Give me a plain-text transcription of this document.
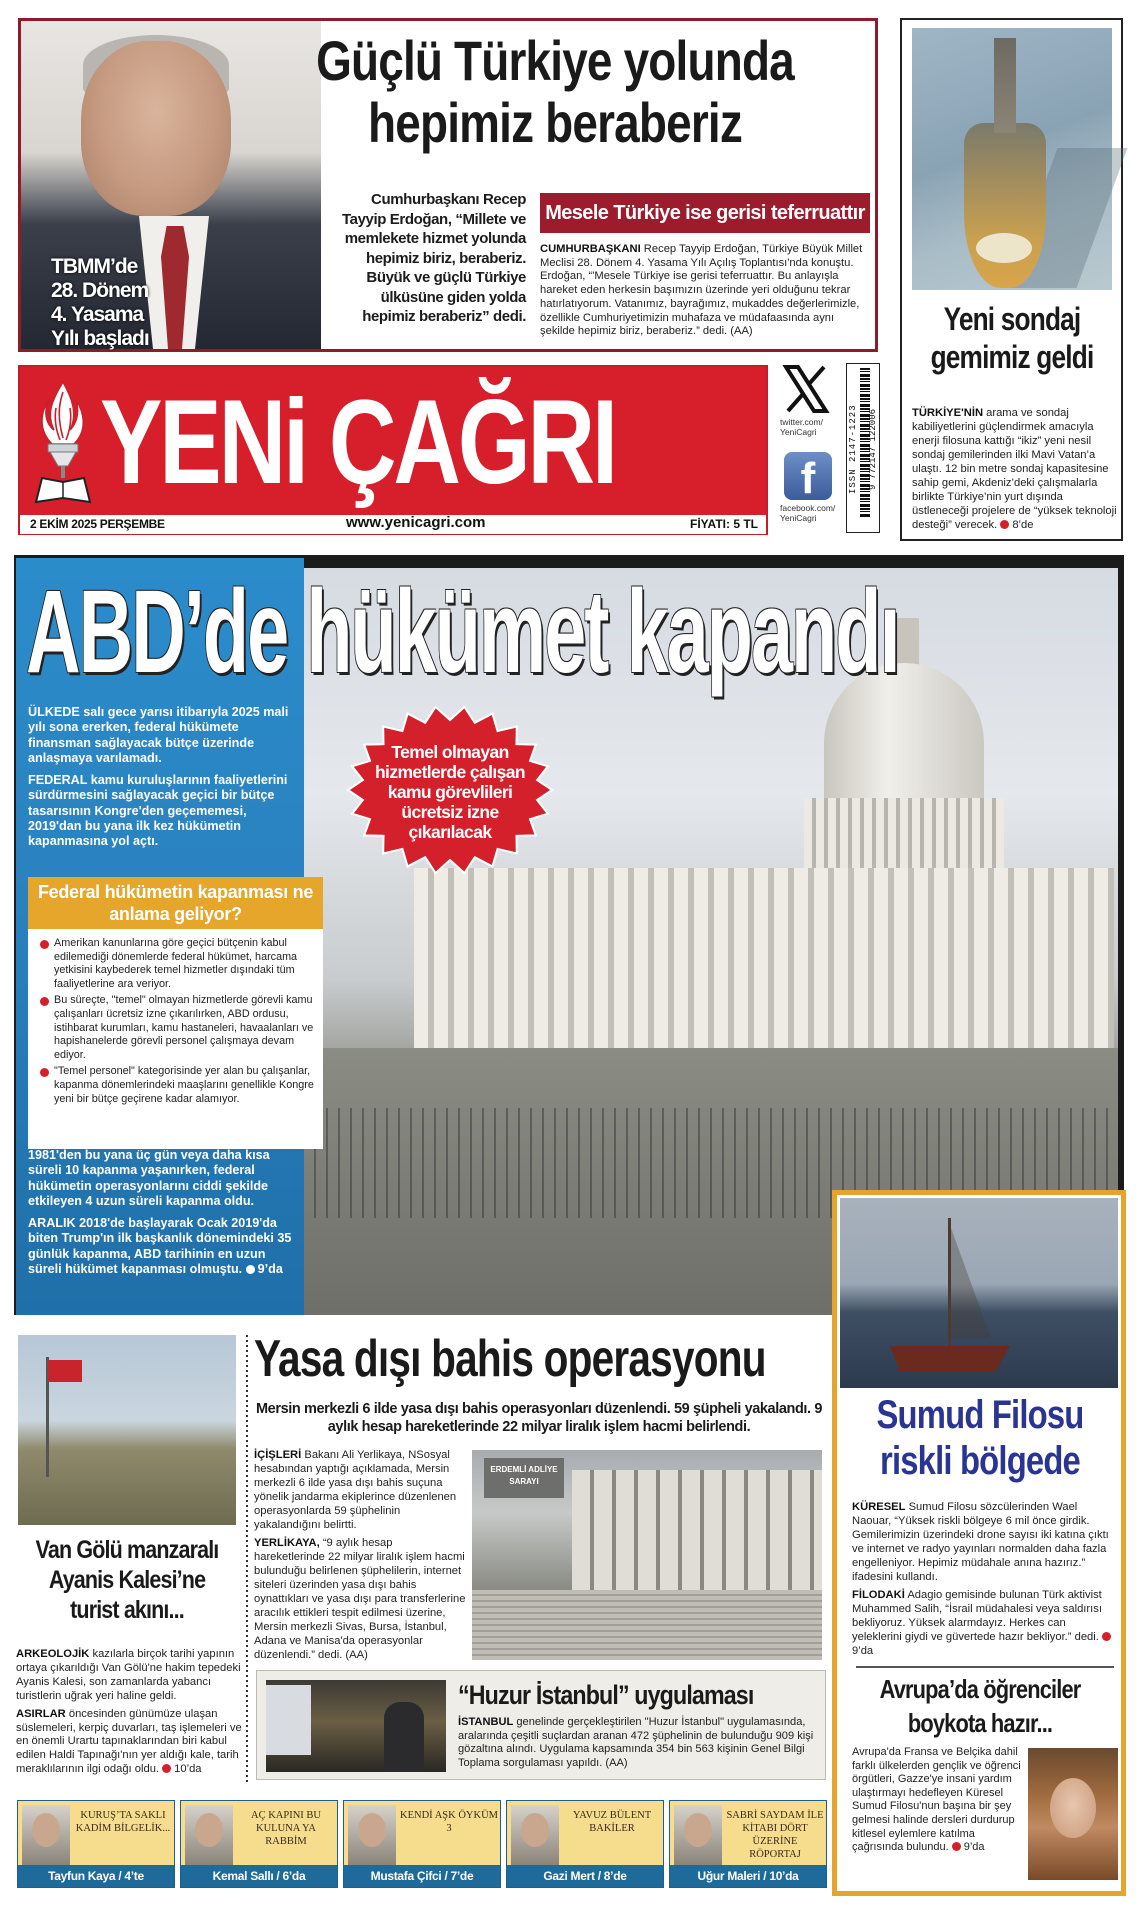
TBMM’de
28. Dönem
4. Yasama
Yılı başladı
Güçlü Türkiye yolunda
hepimiz beraberiz
Cumhurbaşkanı Recep Tayyip Erdoğan, “Millete ve memlekete hizmet yolunda hepimiz biriz, beraberiz. Büyük ve güçlü Türkiye ülküsüne giden yolda hepimiz beraberiz” dedi.
Mesele Türkiye ise gerisi teferruattır
CUMHURBAŞKANI Recep Tayyip Erdoğan, Türkiye Büyük Millet Meclisi 28. Dönem 4. Yasama Yılı Açılış Toplantısı'nda konuştu. Erdoğan, “'Mesele Türkiye ise gerisi teferruattır. Bu anlayışla hareket eden herkesin başımızın üzerinde yeri olduğunu tekrar hatırlatıyorum. Vatanımız, bayrağımız, mukaddes değerlerimizle, özellikle Cumhuriyetimizin muhafaza ve müdafaasında aynı şekilde hepimiz biriz, beraberiz.” dedi. (AA)	Yeni sondaj
gemimiz geldi
TÜRKİYE'NİN arama ve sondaj kabiliyetlerini güçlendirmek amacıyla enerji filosuna kattığı “ikiz” yeni nesil sondaj gemilerinden ilki Mavi Vatan’a ulaştı. 12 bin metre sondaj kapasitesine sahip gemi, Akdeniz’deki çalışmalarla birlikte Türkiye’nin yurt dışında üstleneceği projelere de “yüksek teknoloji desteği” verecek. 8’de
YENi ÇAĞRI
2 EKİM 2025 PERŞEMBE	www.yenicagri.com	FİYATI: 5 TL
twitter.com/ YeniCagri
f
facebook.com/ YeniCagri
ISSN 2147-1223 9 772147 122006
ABD’de hükümet kapandı

ÜLKEDE salı gece yarısı itibarıyla 2025 mali yılı sona ererken, federal hükümete finansman sağlayacak bütçe üzerinde anlaşmaya varılamadı.

FEDERAL kamu kuruluşlarının faaliyetlerini sürdürmesini sağlayacak geçici bir bütçe tasarısının Kongre'den geçememesi, 2019'dan bu yana ilk kez hükümetin kapanmasına yol açtı.

Temel olmayan hizmetlerde çalışan kamu görevlileri ücretsiz izne çıkarılacak
Federal hükümetin kapanması ne anlama geliyor?
Amerikan kanunlarına göre geçici bütçenin kabul edilemediği dönemlerde federal hükümet, harcama yetkisini kaybederek temel hizmetler dışındaki tüm faaliyetlerine ara veriyor.
Bu süreçte, "temel" olmayan hizmetlerde görevli kamu çalışanları ücretsiz izne çıkarılırken, ABD ordusu, istihbarat kurumları, kamu hastaneleri, havaalanları ve hapishanelerde görevli personel çalışmaya devam ediyor.
"Temel personel" kategorisinde yer alan bu çalışanlar, kapanma dönemlerindeki maaşlarını genellikle Kongre yeni bir bütçe geçirene kadar alamıyor.

1981'den bu yana üç gün veya daha kısa süreli 10 kapanma yaşanırken, federal hükümetin operasyonlarını ciddi şekilde etkileyen 4 uzun süreli kapanma oldu.

ARALIK 2018'de başlayarak Ocak 2019'da biten Trump'ın ilk başkanlık dönemindeki 35 günlük kapanma, ABD tarihinin en uzun süreli hükümet kapanması olmuştu. 9’da

Van Gölü manzaralı Ayanis Kalesi’ne turist akını...

ARKEOLOJİK kazılarla birçok tarihi yapının ortaya çıkarıldığı Van Gölü'ne hakim tepedeki Ayanis Kalesi, son zamanlarda yabancı turistlerin uğrak yeri haline geldi.

ASIRLAR öncesinden günümüze ulaşan süslemeleri, kerpiç duvarları, taş işlemeleri ve en önemli Urartu tapınaklarından biri kabul edilen Haldi Tapınağı'nın yer aldığı kale, tarih meraklılarının ilgi odağı oldu. 10’da

Yasa dışı bahis operasyonu
Mersin merkezli 6 ilde yasa dışı bahis operasyonları düzenlendi. 59 şüpheli yakalandı. 9 aylık hesap hareketlerinde 22 milyar liralık işlem hacmi belirlendi.

İÇİŞLERİ Bakanı Ali Yerlikaya, NSosyal hesabından yaptığı açıklamada, Mersin merkezli 6 ilde yasa dışı bahis suçuna yönelik jandarma ekiplerince düzenlenen operasyonlarda 59 şüphelinin yakalandığını belirtti.

YERLİKAYA, “9 aylık hesap hareketlerinde 22 milyar liralık işlem hacmi bulunduğu belirlenen şüphelilerin, internet siteleri üzerinden yasa dışı bahis oynattıkları ve yasa dışı para transferlerine aracılık ettikleri tespit edilmesi üzerine, Mersin merkezli Sivas, Bursa, İstanbul, Adana ve Manisa'da operasyonlar düzenlendi.” dedi. (AA)

ERDEMLİ ADLİYE SARAYI
“Huzur İstanbul” uygulaması
İSTANBUL genelinde gerçekleştirilen "Huzur İstanbul" uygulamasında, aralarında çeşitli suçlardan aranan 472 şüphelinin de bulunduğu 909 kişi gözaltına alındı. Uygulama kapsamında 354 bin 563 kişinin Genel Bilgi Toplama sorgulaması yapıldı. (AA)
Sumud Filosu riskli bölgede

KÜRESEL Sumud Filosu sözcülerinden Wael Naouar, “Yüksek riskli bölgeye 6 mil önce girdik. Gemilerimizin üzerindeki drone sayısı iki katına çıktı ve internet ve radyo yayınları normalden daha fazla engelleniyor. Hepimiz müdahale anına hazırız.” ifadesini kullandı.

FİLODAKİ Adagio gemisinde bulunan Türk aktivist Muhammed Salih, “İsrail müdahalesi veya saldırısı bekliyoruz. Yüksek alarmdayız. Herkes can yeleklerini giydi ve güvertede hazır bekliyor.” dedi. 9’da

Avrupa’da öğrenciler boykota hazır...
Avrupa'da Fransa ve Belçika dahil farklı ülkelerden gençlik ve öğrenci örgütleri, Gazze'ye insani yardım ulaştırmayı hedefleyen Küresel Sumud Filosu'nun başına bir şey gelmesi halinde dersleri durdurup kitlesel eylemlere katılma çağrısında bulundu. 9’da
KURUŞ’TA SAKLI KADİM BİLGELİK...
Tayfun Kaya / 4’te
AÇ KAPINI BU KULUNA YA RABBİM
Kemal Sallı / 6’da
KENDİ AŞK ÖYKÜM 3
Mustafa Çifci / 7’de
YAVUZ BÜLENT BAKİLER
Gazi Mert / 8’de
SABRİ SAYDAM İLE KİTABI DÖRT ÜZERİNE RÖPORTAJ
Uğur Maleri / 10’da
